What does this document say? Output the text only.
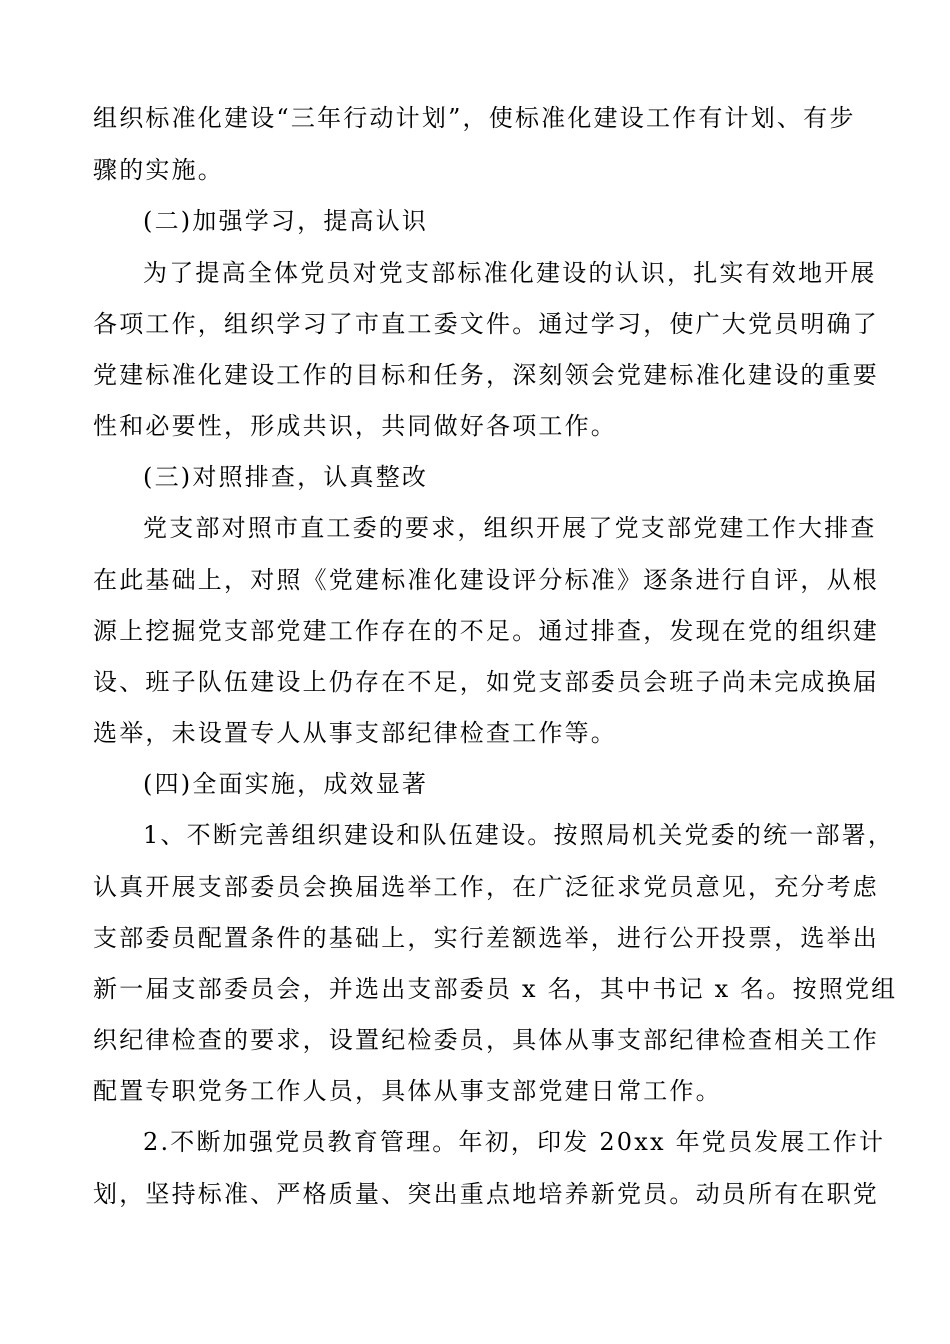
组织标准化建设“三年行动计划”，使标准化建设工作有计划、有步
骤的实施。
(二)加强学习，提高认识
为了提高全体党员对党支部标准化建设的认识，扎实有效地开展
各项工作，组织学习了市直工委文件。通过学习，使广大党员明确了
党建标准化建设工作的目标和任务，深刻领会党建标准化建设的重要
性和必要性，形成共识，共同做好各项工作。
(三)对照排查，认真整改
党支部对照市直工委的要求，组织开展了党支部党建工作大排查
在此基础上，对照《党建标准化建设评分标准》逐条进行自评，从根
源上挖掘党支部党建工作存在的不足。通过排查，发现在党的组织建
设、班子队伍建设上仍存在不足，如党支部委员会班子尚未完成换届
选举，未设置专人从事支部纪律检查工作等。
(四)全面实施，成效显著
1、不断完善组织建设和队伍建设。按照局机关党委的统一部署，
认真开展支部委员会换届选举工作，在广泛征求党员意见，充分考虑
支部委员配置条件的基础上，实行差额选举，进行公开投票，选举出
新一届支部委员会，并选出支部委员 x 名，其中书记 x 名。按照党组
织纪律检查的要求，设置纪检委员，具体从事支部纪律检查相关工作
配置专职党务工作人员，具体从事支部党建日常工作。
2.不断加强党员教育管理。年初，印发 20xx 年党员发展工作计
划，坚持标准、严格质量、突出重点地培养新党员。动员所有在职党
